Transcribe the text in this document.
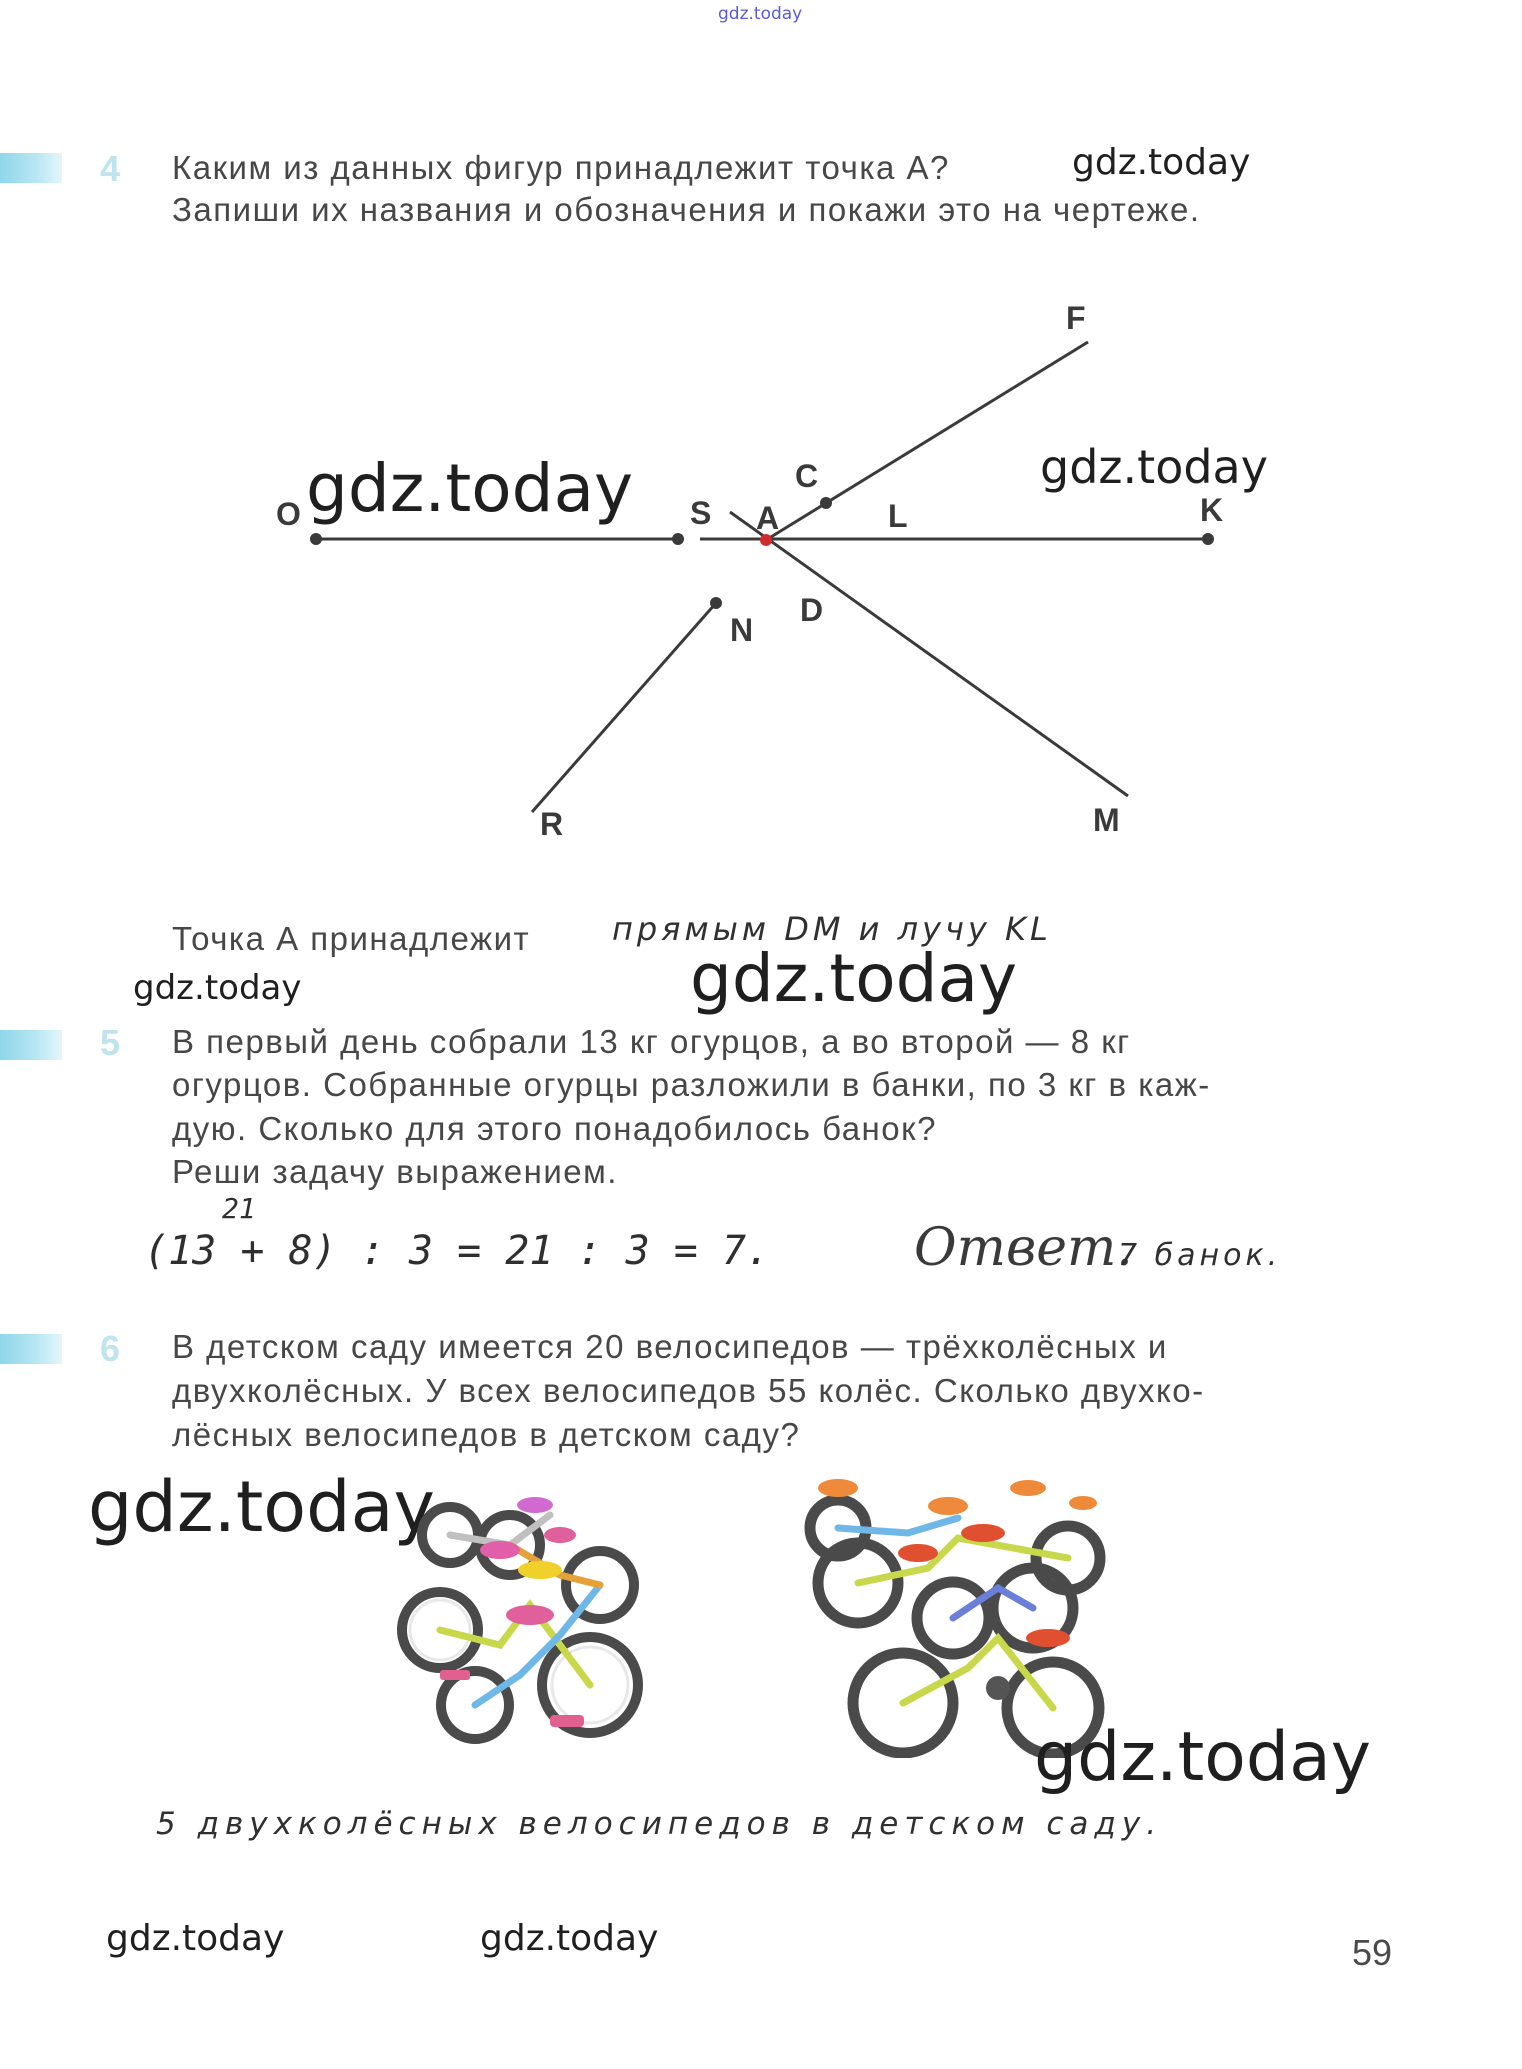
gdz.today
4 Каким из данных фигур принадлежит точка А?
Запиши их названия и обозначения и покажи это на чертеже.
gdz.today
F
C
O	S A	L	K
D
N
R	M
gdz.today	gdz.today
Точка А принадлежит	прямым DM и лучу KL
gdz.today	gdz.today
5 В первый день собрали 13 кг огурцов, а во второй — 8 кг
огурцов. Собранные огурцы разложили в банки, по 3 кг в каж-
дую. Сколько для этого понадобилось банок?
Реши задачу выражением.
21
(13 + 8) : 3 = 21 : 3 = 7.	Ответ.
7 банок.
6 В детском саду имеется 20 велосипедов — трёхколёсных и
двухколёсных. У всех велосипедов 55 колёс. Сколько двухко-
лёсных велосипедов в детском саду?
gdz.today
gdz.today
5 двухколёсных велосипедов в детском саду.
gdz.today	gdz.today	59
